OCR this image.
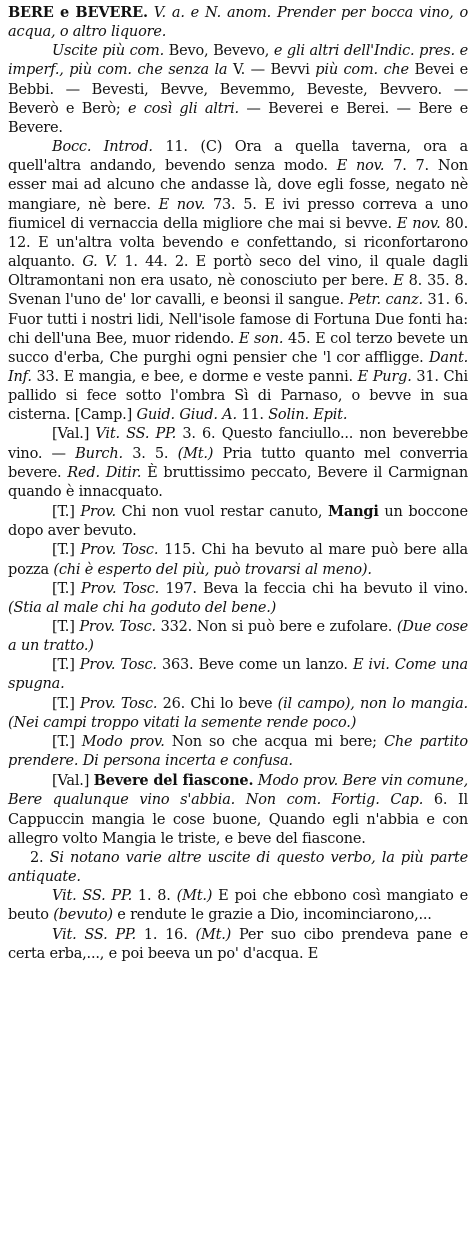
BERE e BEVERE. V. a. e N. anom. Prender per bocca vino, o acqua, o altro liquore.

Uscite più com. Bevo, Bevevo, e gli altri dell'Indic. pres. e imperf., più com. che senza la V. — Bevvi più com. che Bevei e Bebbi. — Bevesti, Bevve, Bevemmo, Beveste, Bevvero. — Beverò e Berò; e così gli altri. — Beverei e Berei. — Bere e Bevere.

Bocc. Introd. 11. (C) Ora a quella taverna, ora a quell'altra andando, bevendo senza modo. E nov. 7. 7. Non esser mai ad alcuno che andasse là, dove egli fosse, negato nè mangiare, nè bere. E nov. 73. 5. E ivi presso correva a uno fiumicel di vernaccia della migliore che mai si bevve. E nov. 80. 12. E un'altra volta bevendo e confettando, si riconfortarono alquanto. G. V. 1. 44. 2. E portò seco del vino, il quale dagli Oltramontani non era usato, nè conosciuto per bere. E 8. 35. 8. Svenan l'uno de' lor cavalli, e beonsi il sangue. Petr. canz. 31. 6. Fuor tutti i nostri lidi, Nell'isole famose di Fortuna Due fonti ha: chi dell'una Bee, muor ridendo. E son. 45. E col terzo bevete un succo d'erba, Che purghi ogni pensier che 'l cor affligge. Dant. Inf. 33. E mangia, e bee, e dorme e veste panni. E Purg. 31. Chi pallido si fece sotto l'ombra Sì di Parnaso, o bevve in sua cisterna. [Camp.] Guid. Giud. A. 11. Solin. Epit.

[Val.] Vit. SS. PP. 3. 6. Questo fanciullo... non beverebbe vino. — Burch. 3. 5. (Mt.) Pria tutto quanto mel converria bevere. Red. Ditir. È bruttissimo peccato, Bevere il Carmignan quando è innacquato.

[T.] Prov. Chi non vuol restar canuto, Mangi un boccone dopo aver bevuto.

[T.] Prov. Tosc. 115. Chi ha bevuto al mare può bere alla pozza (chi è esperto del più, può trovarsi al meno).

[T.] Prov. Tosc. 197. Beva la feccia chi ha bevuto il vino. (Stia al male chi ha goduto del bene.)

[T.] Prov. Tosc. 332. Non si può bere e zufolare. (Due cose a un tratto.)

[T.] Prov. Tosc. 363. Beve come un lanzo. E ivi. Come una spugna.

[T.] Prov. Tosc. 26. Chi lo beve (il campo), non lo mangia. (Nei campi troppo vitati la semente rende poco.)

[T.] Modo prov. Non so che acqua mi bere; Che partito prendere. Di persona incerta e confusa.

[Val.] Bevere del fiascone. Modo prov. Bere vin comune, Bere qualunque vino s'abbia. Non com. Fortig. Cap. 6. Il Cappuccin mangia le cose buone, Quando egli n'abbia e con allegro volto Mangia le triste, e beve del fiascone.

2. Si notano varie altre uscite di questo verbo, la più parte antiquate.

Vit. SS. PP. 1. 8. (Mt.) E poi che ebbono così mangiato e beuto (bevuto) e rendute le grazie a Dio, incominciarono,...

Vit. SS. PP. 1. 16. (Mt.) Per suo cibo prendeva pane e certa erba,..., e poi beeva un po' d'acqua. E
